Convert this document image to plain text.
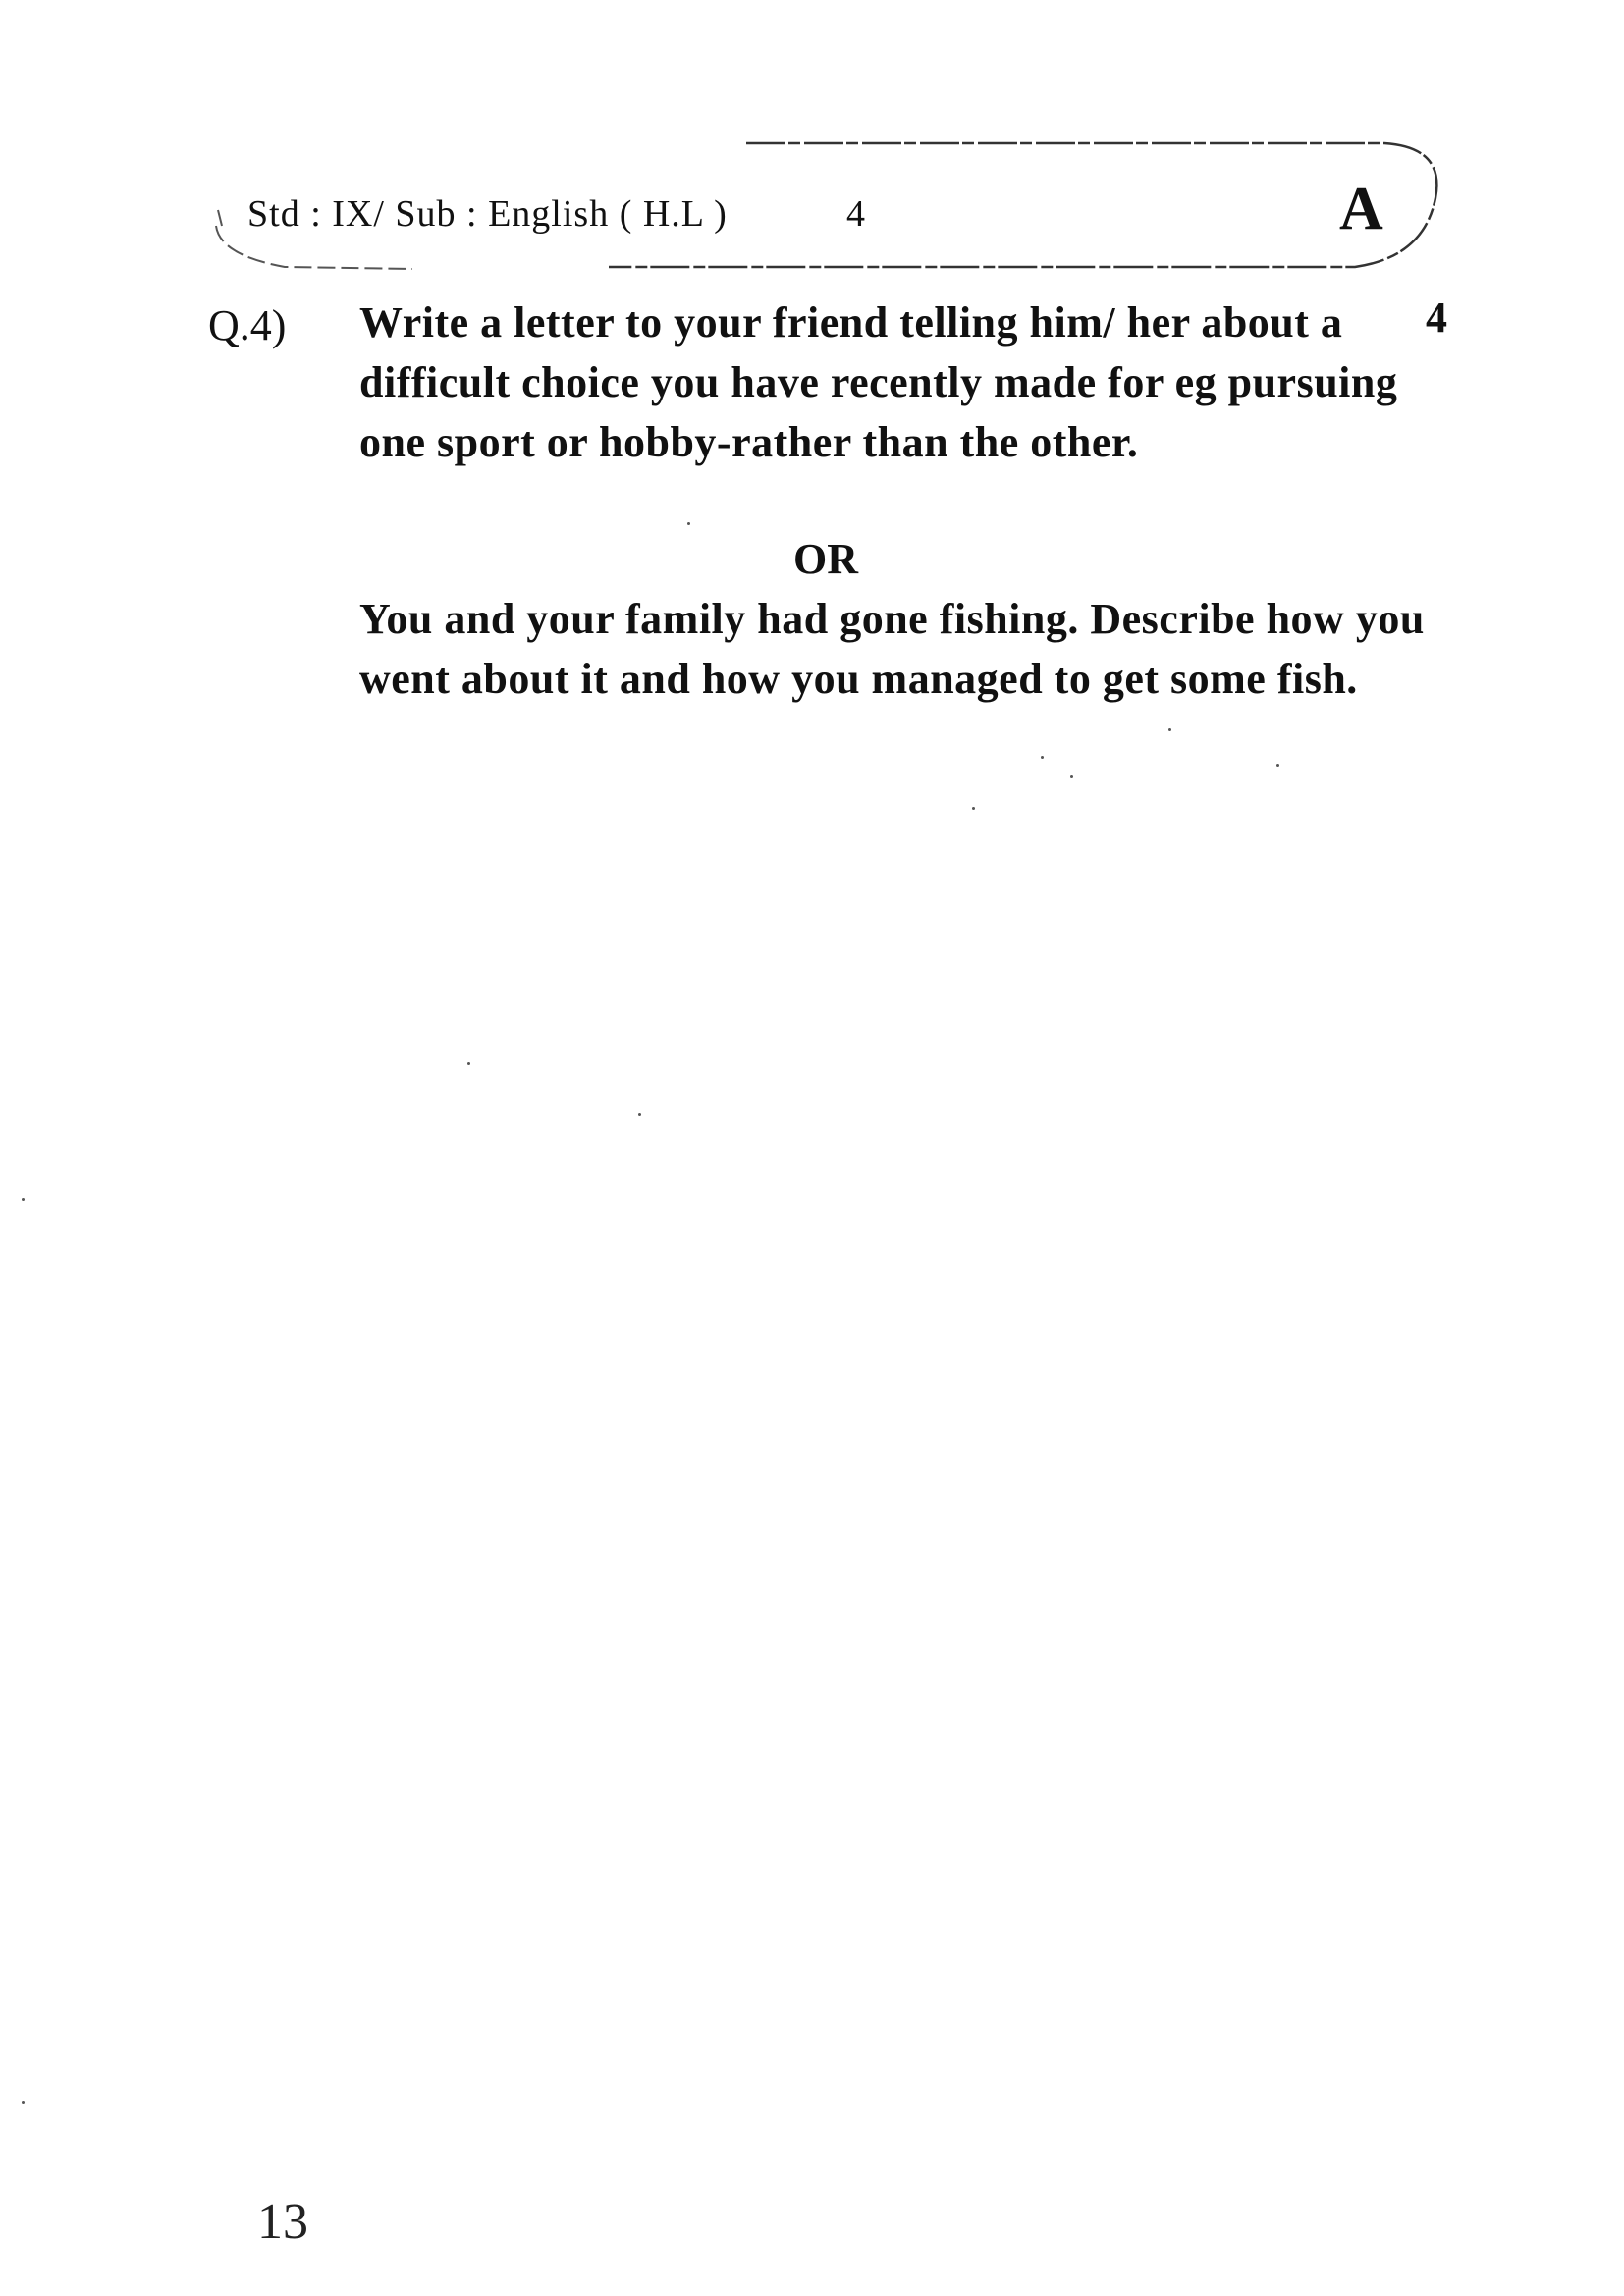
Std : IX/ Sub : English ( H.L )	4	A
Q.4) Write a letter to your friend telling him/ her about a difficult choice you have recently made for eg pursuing one sport or hobby-rather than the other.

4
OR

You and your family had gone fishing. Describe how you went about it and how you managed to get some fish.

13
